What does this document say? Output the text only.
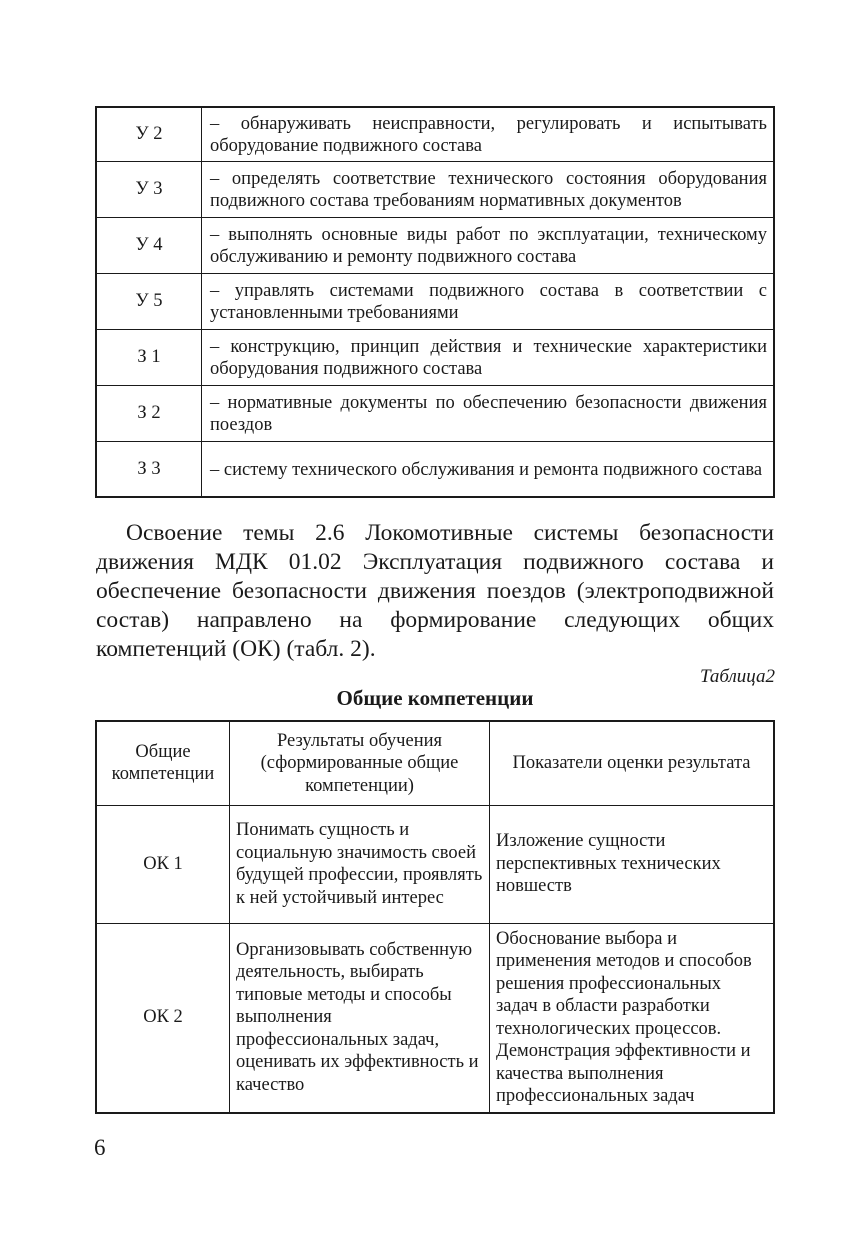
У 2	– обнаруживать неисправности, регулировать и испытывать оборудование подвижного состава
У 3	– определять соответствие технического состояния оборудования подвижного состава требованиям нормативных документов
У 4	– выполнять основные виды работ по эксплуатации, техническому обслуживанию и ремонту подвижного состава
У 5	– управлять системами подвижного состава в соответствии с установленными требованиями
З 1	– конструкцию, принцип действия и технические характеристики оборудования подвижного состава
З 2	– нормативные документы по обеспечению безопасности движения поездов
З 3	– систему технического обслуживания и ремонта подвижного состава

Освоение темы 2.6 Локомотивные системы безопасности движения МДК 01.02 Эксплуатация подвижного состава и обеспечение безопасности движения поездов (электроподвижной состав) направлено на формирование следующих общих компетенций (ОК) (табл. 2).

Таблица2
Общие компетенции
Общие компетенции	Результаты обучения (сформированные общие компетенции)	Показатели оценки результата
ОК 1	Понимать сущность и социальную значимость своей будущей профессии, проявлять к ней устойчивый интерес	Изложение сущности перспективных технических новшеств
ОК 2	Организовывать собственную деятельность, выбирать типовые методы и способы выполнения профессиональных задач, оценивать их эффективность и качество	Обоснование выбора и применения методов и способов решения профессиональных задач в области разработки технологических процессов. Демонстрация эффективности и качества выполнения профессиональных задач
6
